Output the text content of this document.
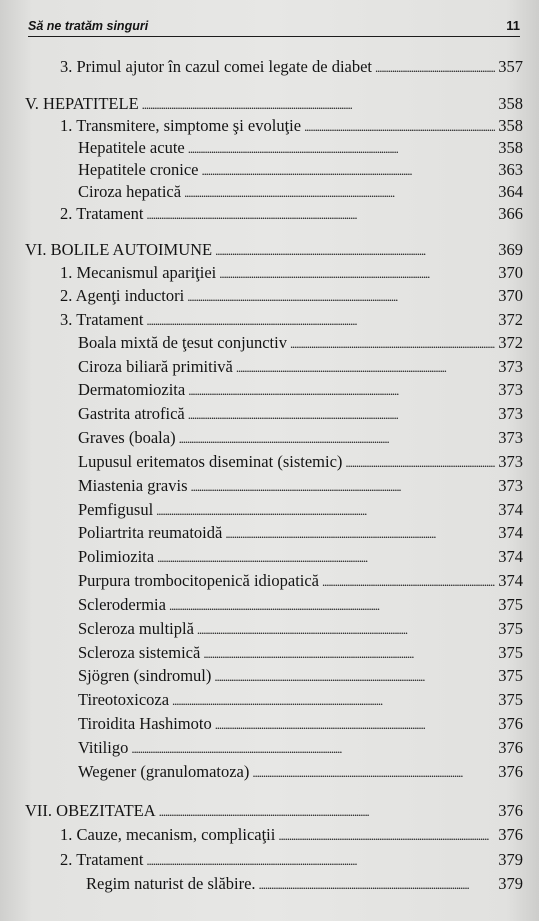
Să ne tratăm singuri	11
3. Primul ajutor în cazul comei legate de diabet . . .	357
V. HEPATITELE . . .	358
1. Transmitere, simptome şi evoluţie . . .	358
Hepatitele acute . . .	358
Hepatitele cronice . . .	363
Ciroza hepatică . . .	364
2. Tratament . . .	366
VI. BOLILE AUTOIMUNE . . .	369
1. Mecanismul apariţiei . . .	370
2. Agenţi inductori . . .	370
3. Tratament . . .	372
Boala mixtă de ţesut conjunctiv . . .	372
Ciroza biliară primitivă . . .	373
Dermatomiozita . . .	373
Gastrita atrofică . . .	373
Graves (boala) . . .	373
Lupusul eritematos diseminat (sistemic) . . .	373
Miastenia gravis . . .	373
Pemfigusul . . .	374
Poliartrita reumatoidă . . .	374
Polimiozita . . .	374
Purpura trombocitopenică idiopatică . . .	374
Sclerodermia . . .	375
Scleroza multiplă . . .	375
Scleroza sistemică . . .	375
Sjögren (sindromul) . . .	375
Tireotoxicoza . . .	375
Tiroidita Hashimoto . . .	376
Vitiligo . . .	376
Wegener (granulomatoza) . . .	376
VII. OBEZITATEA . . .	376
1. Cauze, mecanism, complicaţii . . .	376
2. Tratament . . .	379
Regim naturist de slăbire. . . .	379
